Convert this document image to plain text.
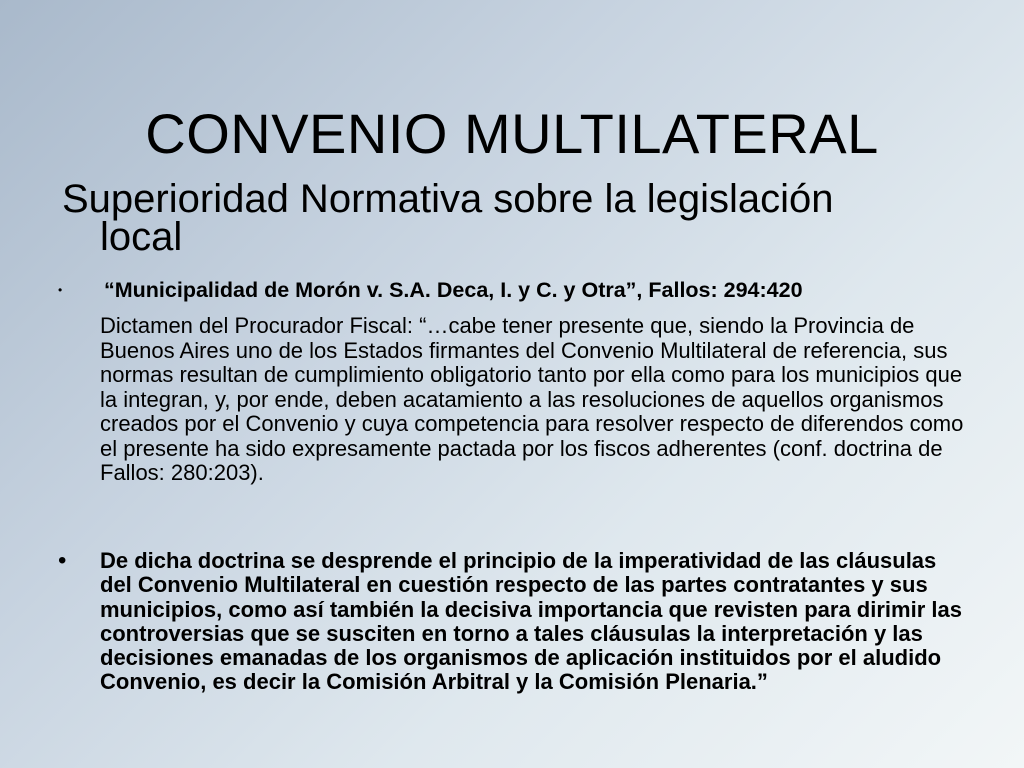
CONVENIO MULTILATERAL
Superioridad Normativa sobre la legislación
local
• “Municipalidad de Morón v. S.A. Deca, I. y C. y Otra”, Fallos: 294:420
Dictamen del Procurador Fiscal: “…cabe tener presente que, siendo la Provincia de Buenos Aires uno de los Estados firmantes del Convenio Multilateral de referencia, sus normas resultan de cumplimiento obligatorio tanto por ella como para los municipios que la integran, y, por ende, deben acatamiento a las resoluciones de aquellos organismos creados por el Convenio y cuya competencia para resolver respecto de diferendos como el presente ha sido expresamente pactada por los fiscos adherentes (conf. doctrina de Fallos: 280:203).
• De dicha doctrina se desprende el principio de la imperatividad de las cláusulas del Convenio Multilateral en cuestión respecto de las partes contratantes y sus municipios, como así también la decisiva importancia que revisten para dirimir las controversias que se susciten en torno a tales cláusulas la interpretación y las decisiones emanadas de los organismos de aplicación instituidos por el aludido Convenio, es decir la Comisión Arbitral y la Comisión Plenaria.”
